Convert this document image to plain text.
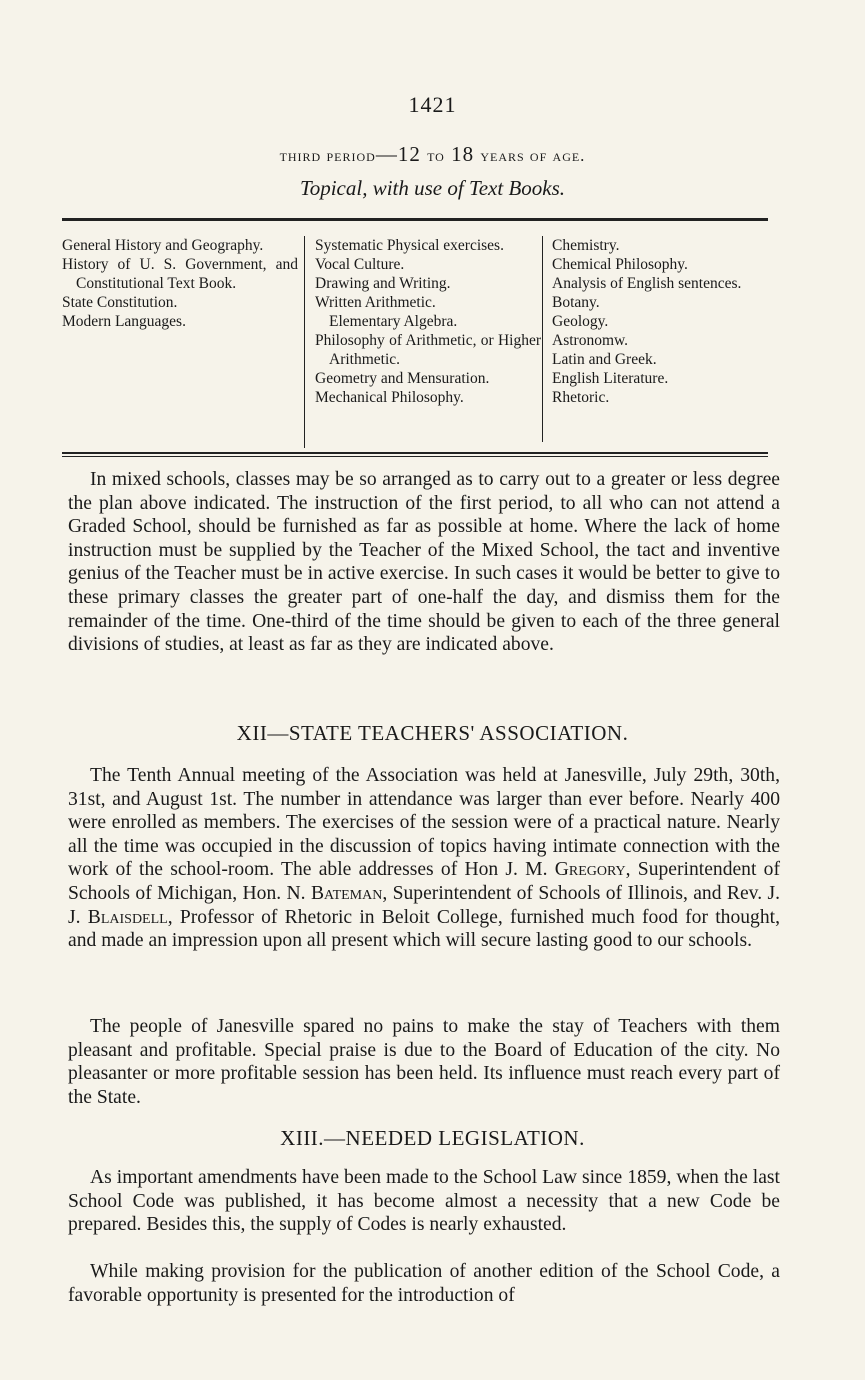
1421
third period—12 to 18 years of age.
Topical, with use of Text Books.

General History and Geography.

History of U. S. Government, and Constitutional Text Book.

State Constitution.

Modern Languages.

Systematic Physical exercises.

Vocal Culture.

Drawing and Writing.

Written Arithmetic.

Elementary Algebra.

Philosophy of Arithmetic, or Higher Arithmetic.

Geometry and Mensuration.

Mechanical Philosophy.

Chemistry.

Chemical Philosophy.

Analysis of English sentences.

Botany.

Geology.

Astronomw.

Latin and Greek.

English Literature.

Rhetoric.

In mixed schools, classes may be so arranged as to carry out to a greater or less degree the plan above indicated. The instruction of the first period, to all who can not attend a Graded School, should be furnished as far as possible at home. Where the lack of home instruction must be supplied by the Teacher of the Mixed School, the tact and inventive genius of the Teacher must be in active exercise. In such cases it would be better to give to these primary classes the greater part of one-half the day, and dismiss them for the remainder of the time. One-third of the time should be given to each of the three general divisions of studies, at least as far as they are indicated above.

XII—STATE TEACHERS' ASSOCIATION.

The Tenth Annual meeting of the Association was held at Janesville, July 29th, 30th, 31st, and August 1st. The number in attendance was larger than ever before. Nearly 400 were enrolled as members. The exercises of the session were of a practical nature. Nearly all the time was occupied in the discussion of topics having intimate connection with the work of the school-room. The able addresses of Hon J. M. Gregory, Superintendent of Schools of Michigan, Hon. N. Bateman, Superintendent of Schools of Illinois, and Rev. J. J. Blaisdell, Professor of Rhetoric in Beloit College, furnished much food for thought, and made an impression upon all present which will secure lasting good to our schools.

The people of Janesville spared no pains to make the stay of Teachers with them pleasant and profitable. Special praise is due to the Board of Education of the city. No pleasanter or more profitable session has been held. Its influence must reach every part of the State.

XIII.—NEEDED LEGISLATION.

As important amendments have been made to the School Law since 1859, when the last School Code was published, it has become almost a necessity that a new Code be prepared. Besides this, the supply of Codes is nearly exhausted.

While making provision for the publication of another edition of the School Code, a favorable opportunity is presented for the introduction of
